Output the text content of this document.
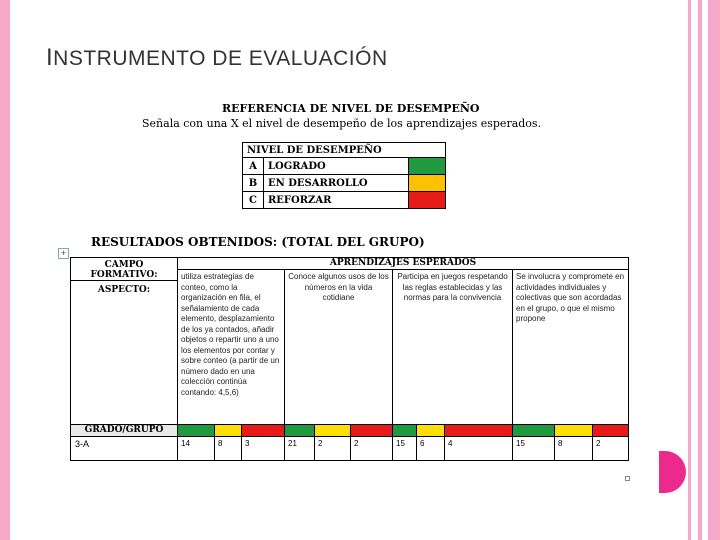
INSTRUMENTO DE EVALUACIÓN
REFERENCIA DE NIVEL DE DESEMPEÑO
Señala con una X el nivel de desempeño de los aprendizajes esperados.
NIVEL DE DESEMPEÑO		
A	LOGRADO	
B	EN DESARROLLO	
C	REFORZAR	
+
RESULTADOS OBTENIDOS: (TOTAL DEL GRUPO)
CAMPO FORMATIVO:	APRENDIZAJES ESPERADOS											
	utiliza estrategias de conteo, como la organización en fila, el señalamiento de cada elemento, desplazamiento de los ya contados, añadir objetos o repartir uno a uno los elementos por contar y sobre conteo (a partir de un número dado en una colección continúa contando: 4,5,6)			Conoce algunos usos de los números en la vida cotidiane			Participa en juegos respetando las reglas establecidas y las normas para la convivencia			Se involucra y compromete en actividades individuales y colectivas que son acordadas en el grupo, o que el mismo propone		
ASPECTO:												
GRADO/GRUPO												
3-A	14	8	3	21	2	2	15	6	4	15	8	2
